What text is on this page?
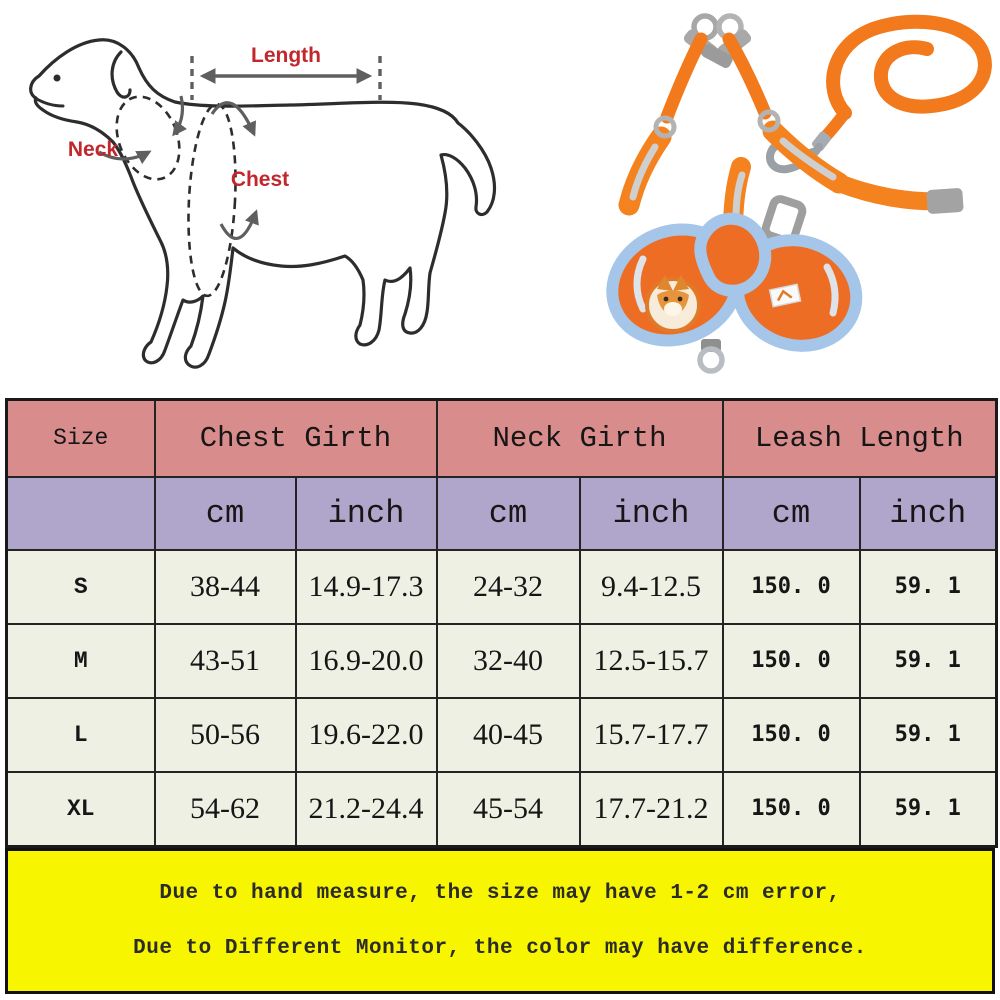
Length
Neck
Chest
Size	Chest Girth		Neck Girth		Leash Length	
	cm	inch	cm	inch	cm	inch
S	38-44	14.9-17.3	24-32	9.4-12.5	150. 0	59. 1
M	43-51	16.9-20.0	32-40	12.5-15.7	150. 0	59. 1
L	50-56	19.6-22.0	40-45	15.7-17.7	150. 0	59. 1
XL	54-62	21.2-24.4	45-54	17.7-21.2	150. 0	59. 1
Due to hand measure, the size may have 1-2 cm error,
Due to Different Monitor, the color may have difference.
